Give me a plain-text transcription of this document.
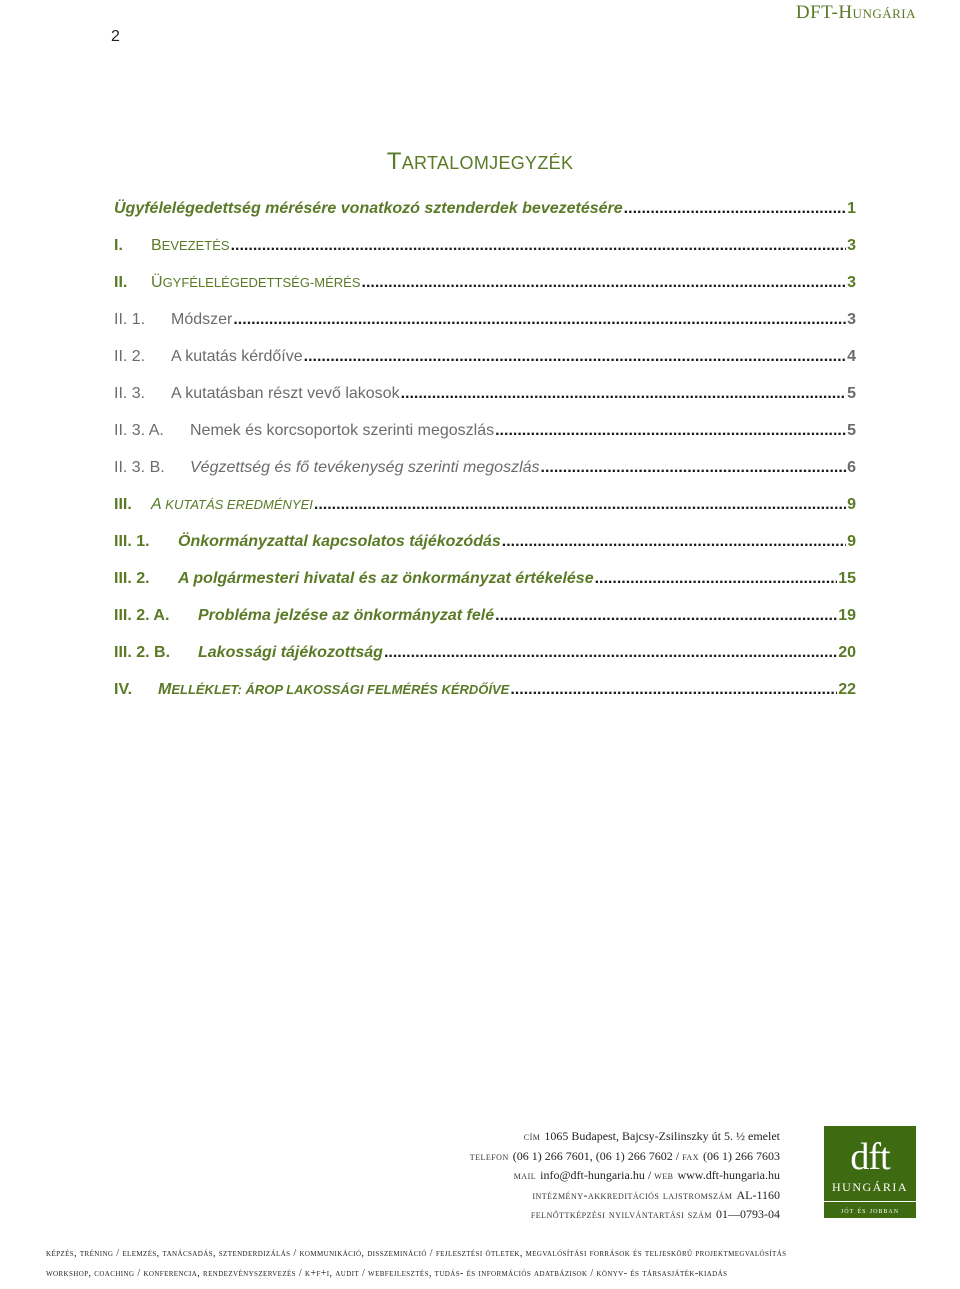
DFT-Hungária
2
TARTALOMJEGYZÉK
Ügyfélelégedettség mérésére vonatkozó sztenderdek bevezetésére .....	1
I.	BEVEZETÉS .....	3
II.	ÜGYFÉLELÉGEDETTSÉG-MÉRÉS .....	3
II. 1.	Módszer .....	3
II. 2.	A kutatás kérdőíve .....	4
II. 3.	A kutatásban részt vevő lakosok .....	5
II. 3. A.	Nemek és korcsoportok szerinti megoszlás .....	5
II. 3. B.	Végzettség és fő tevékenység szerinti megoszlás .....	6
III.	A KUTATÁS EREDMÉNYEI .....	9
III. 1.	Önkormányzattal kapcsolatos tájékozódás .....	9
III. 2.	A polgármesteri hivatal és az önkormányzat értékelése .....	15
III. 2. A.	Probléma jelzése az önkormányzat felé .....	19
III. 2. B.	Lakossági tájékozottság .....	20
IV.	MELLÉKLET: ÁROP LAKOSSÁGI FELMÉRÉS KÉRDŐÍVE .....	22
cím 1065 Budapest, Bajcsy-Zsilinszky út 5. ½ emelet
telefon (06 1) 266 7601, (06 1) 266 7602 / fax (06 1) 266 7603
mail info@dft-hungaria.hu / web www.dft-hungaria.hu
intézmény-akkreditációs lajstromszám AL-1160
felnőttképzési nyilvántartási szám 01—0793-04
dft
HUNGÁRIA
jót és jobban
képzés, tréning / elemzés, tanácsadás, sztenderdizálás / kommunikáció, disszemináció / fejlesztési ötletek, megvalósítási források és teljeskörű projektmegvalósítás
workshop, coaching / konferencia, rendezvényszervezés / k+f+i, audit / webfejlesztés, tudás- és információs adatbázisok / könyv- és társasjáték-kiadás
